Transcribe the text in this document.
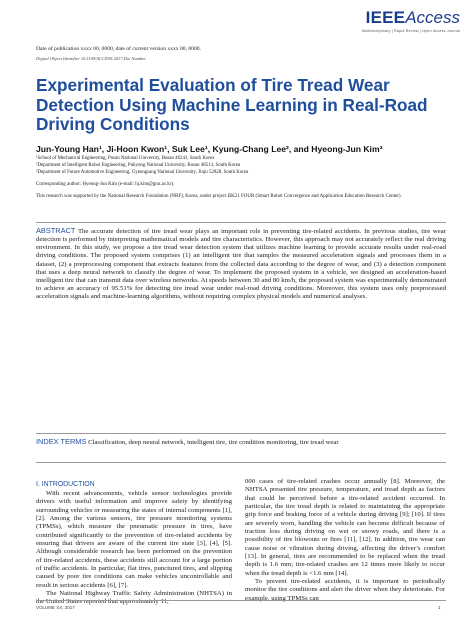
IEEEAccess
Multidisciplinary | Rapid Review | Open Access Journal
Date of publication xxxx 00, 0000, date of current version xxxx 00, 0000.
Digital Object Identifier 10.1109/ACCESS.2017.Doi Number
Experimental Evaluation of Tire Tread Wear Detection Using Machine Learning in Real-Road Driving Conditions
Jun-Young Han¹, Ji-Hoon Kwon¹, Suk Lee¹, Kyung-Chang Lee², and Hyeong-Jun Kim³
¹School of Mechanical Engineering, Pusan National University, Busan 46241, South Korea
²Department of Intelligent Robot Engineering, Pukyong National University, Busan 48513, South Korea
³Department of Future Automotive Engineering, Gyeongsang National University, Jinju 52828, South Korea
Corresponding author: Hyeong-Jun Kim (e-mail: hj.kim@gnu.ac.kr).
This research was supported by the National Research Foundation (NRF), Korea, under project BK21 FOUR (Smart Robot Convergence and Application Education Research Center).
ABSTRACT The accurate detection of tire tread wear plays an important role in preventing tire-related accidents. In previous studies, tire wear detection is performed by interpreting mathematical models and tire characteristics. However, this approach may not accurately reflect the real driving environment. In this study, we propose a tire tread wear detection system that utilizes machine learning to provide accurate results under real-road driving conditions. The proposed system comprises (1) an intelligent tire that samples the measured acceleration signals and processes them in a dataset, (2) a preprocessing component that extracts features from the collected data according to the degree of wear, and (3) a detection component that uses a deep neural network to classify the degree of wear. To implement the proposed system in a vehicle, we designed an acceleration-based intelligent tire that can transmit data over wireless networks. At speeds between 30 and 80 km/h, the proposed system was experimentally demonstrated to achieve an accuracy of 95.51% for detecting tire tread wear under real-road driving conditions. Moreover, this system uses only preprocessed acceleration signals and machine-learning algorithms, without requiring complex physical models and numerical analyses.
INDEX TERMS Classification, deep neural network, intelligent tire, tire condition monitoring, tire tread wear
I. INTRODUCTION

With recent advancements, vehicle sensor technologies provide drivers with useful information and improve safety by identifying surrounding vehicles or measuring the states of internal components [1], [2]. Among the various sensors, tire pressure monitoring systems (TPMSs), which measure the pneumatic pressure in tires, have contributed significantly to the prevention of tire-related accidents by ensuring that drivers are aware of the current tire state [3], [4], [5]. Although considerable research has been performed on the prevention of tire-related accidents, these accidents still account for a large portion of traffic accidents. In particular, flat tires, punctured tires, and slipping caused by poor tire conditions can make vehicles uncontrollable and result in serious accidents [6], [7].

The National Highway Traffic Safety Administration (NHTSA) in the United States reported that approximately 11,

000 cases of tire-related crashes occur annually [8]. Moreover, the NHTSA presented tire pressure, temperature, and tread depth as factors that could be perceived before a tire-related accident occurred. In particular, the tire tread depth is related to maintaining the appropriate grip force and braking force of a vehicle during driving [9]; [10]. If tires are severely worn, handling the vehicle can become difficult because of traction loss during driving on wet or snowy roads, and there is a possibility of tire blowouts or fires [11], [12]. In addition, tire wear can cause noise or vibration during driving, affecting the driver’s comfort [13]. In general, tires are recommended to be replaced when the tread depth is 1.6 mm; tire-related crashes are 12 times more likely to occur when the tread depth is <1.6 mm [14].

To prevent tire-related accidents, it is important to periodically monitor the tire conditions and alert the driver when they deteriorate. For example, using TPMSs can

VOLUME XX, 2017	1
